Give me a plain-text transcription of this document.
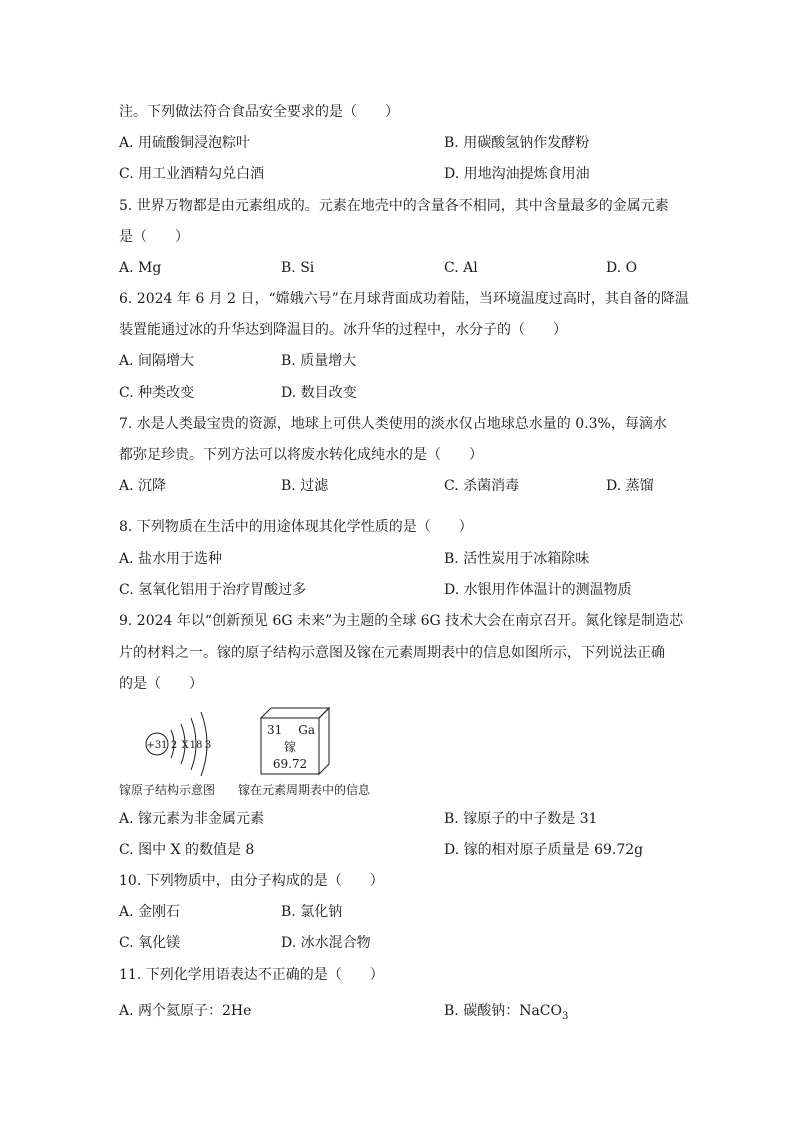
注。下列做法符合食品安全要求的是（　　）
A. 用硫酸铜浸泡粽叶	B. 用碳酸氢钠作发酵粉
C. 用工业酒精勾兑白酒	D. 用地沟油提炼食用油
5. 世界万物都是由元素组成的。元素在地壳中的含量各不相同，其中含量最多的金属元素
是（　　）
A. Mg	B. Si	C. Al	D. O
6. 2024 年 6 月 2 日，“嫦娥六号”在月球背面成功着陆，当环境温度过高时，其自备的降温
装置能通过冰的升华达到降温目的。冰升华的过程中，水分子的（　　）
A. 间隔增大	B. 质量增大
C. 种类改变	D. 数目改变
7. 水是人类最宝贵的资源，地球上可供人类使用的淡水仅占地球总水量的 0.3%，每滴水
都弥足珍贵。下列方法可以将废水转化成纯水的是（　　）
A. 沉降	B. 过滤	C. 杀菌消毒	D. 蒸馏
8. 下列物质在生活中的用途体现其化学性质的是（　　）
A. 盐水用于选种	B. 活性炭用于冰箱除味
C. 氢氧化铝用于治疗胃酸过多	D. 水银用作体温计的测温物质
9. 2024 年以“创新预见 6G 未来”为主题的全球 6G 技术大会在南京召开。氮化镓是制造芯
片的材料之一。镓的原子结构示意图及镓在元素周期表中的信息如图所示，下列说法正确
的是（　　）
+31 2 X 18 3
31 Ga
镓
69.72
镓原子结构示意图 镓在元素周期表中的信息
A. 镓元素为非金属元素	B. 镓原子的中子数是 31
C. 图中 X 的数值是 8	D. 镓的相对原子质量是 69.72g
10. 下列物质中，由分子构成的是（　　）
A. 金刚石	B. 氯化钠
C. 氧化镁	D. 冰水混合物
11. 下列化学用语表达不正确的是（　　）
A. 两个氦原子：2He	B. 碳酸钠：NaCO$_3$
